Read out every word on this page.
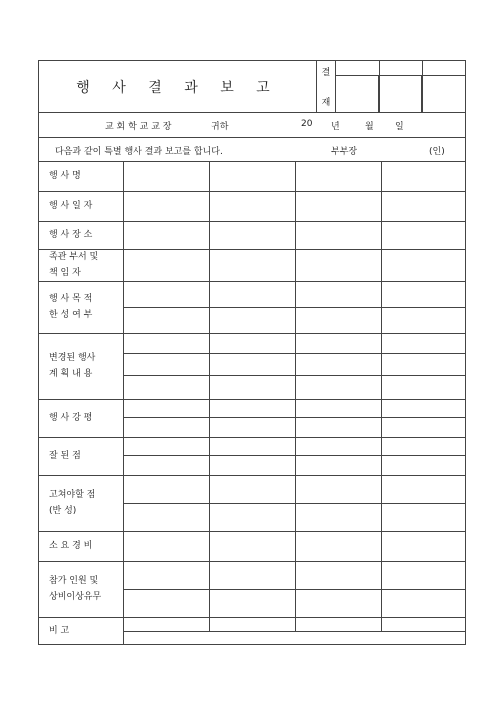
행 사 결 과 보 고
결
재
교 회 학 교 교 장	귀하	20 년	월 일
다음과 같이 특별 행사 결과 보고를 합니다.	부부장	(인)
행 사 명
행 사 일 자
행 사 장 소
족관 부서 및
책 임 자
행 사 목 적
한 성 여 부
변경된 행사
계 획 내 용
행 사 강 평
잘 된 점
고쳐야할 점
(반 성)
소 요 경 비
참가 인원 및
상비이상유무
비 고
